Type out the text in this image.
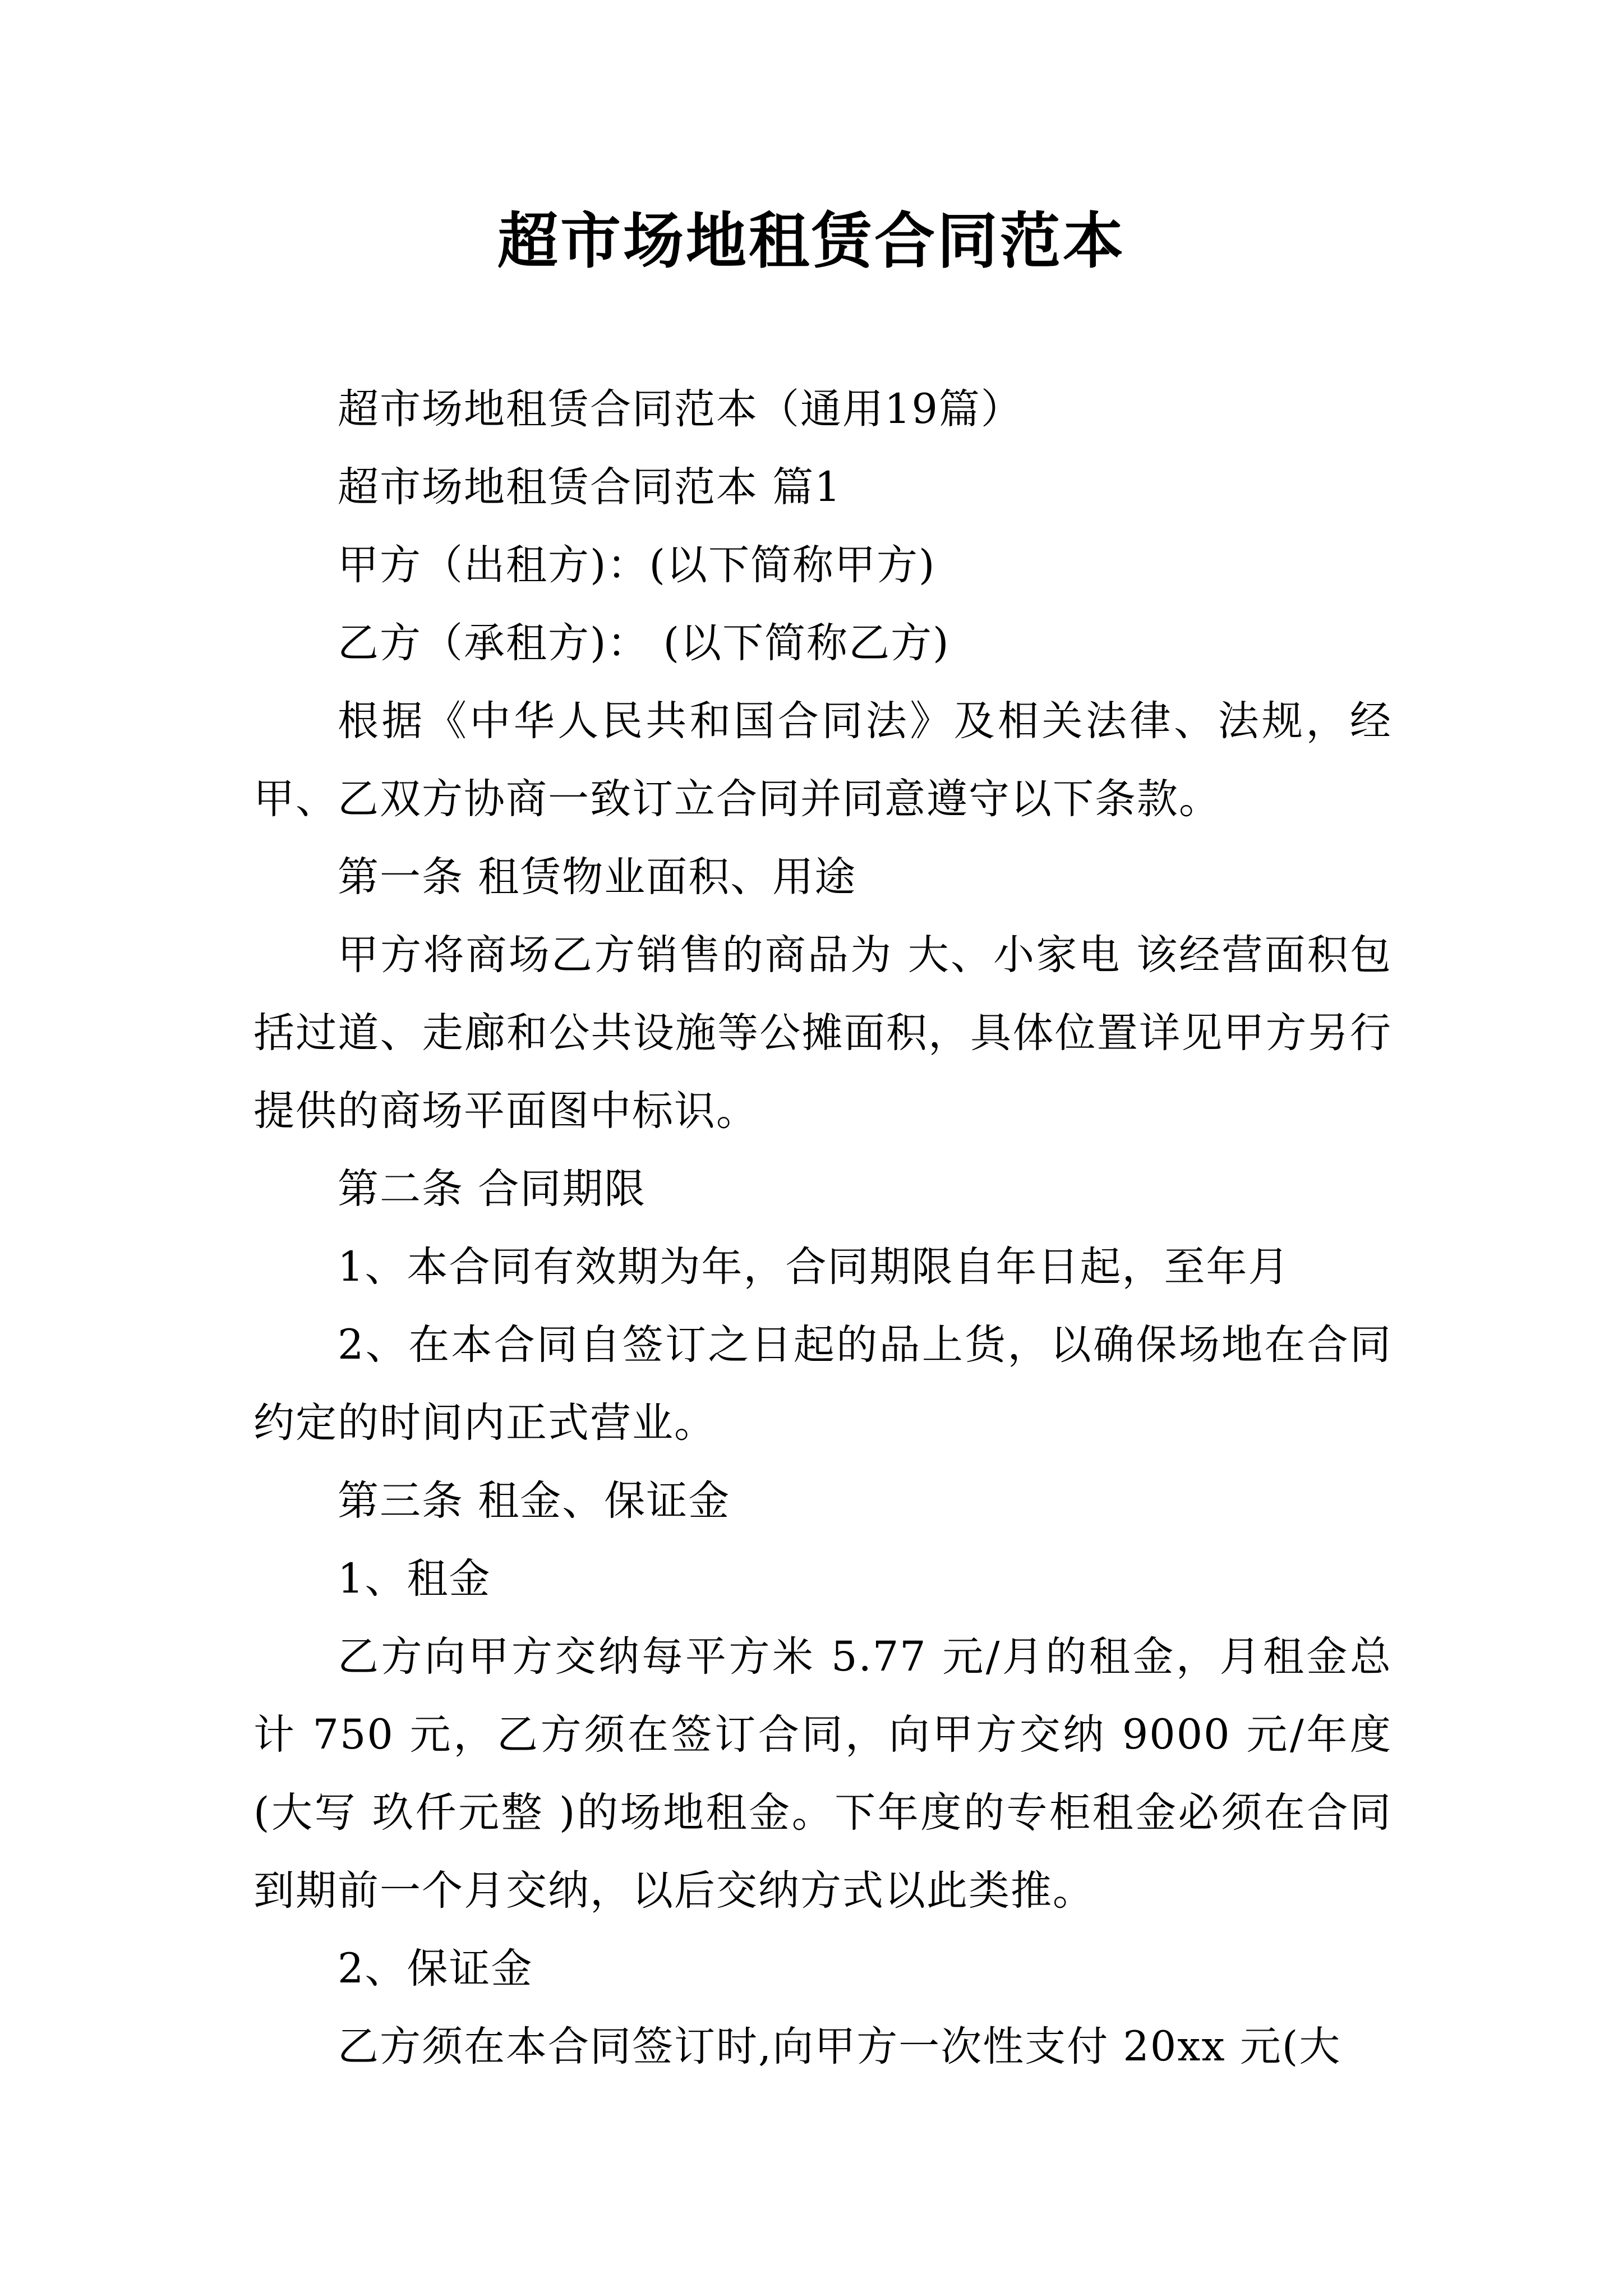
超市场地租赁合同范本

超市场地租赁合同范本（通用19篇）

超市场地租赁合同范本 篇1

甲方（出租方)：(以下简称甲方)

乙方（承租方)： (以下简称乙方)

根据《中华人民共和国合同法》及相关法律、法规，经甲、乙双方协商一致订立合同并同意遵守以下条款。

第一条 租赁物业面积、用途

甲方将商场乙方销售的商品为 大、小家电 该经营面积包括过道、走廊和公共设施等公摊面积，具体位置详见甲方另行提供的商场平面图中标识。

第二条 合同期限

1、本合同有效期为年，合同期限自年日起，至年月

2、在本合同自签订之日起的品上货，以确保场地在合同约定的时间内正式营业。

第三条 租金、保证金

1、租金

乙方向甲方交纳每平方米 5.77 元/月的租金，月租金总计 750 元，乙方须在签订合同，向甲方交纳 9000 元/年度(大写 玖仟元整 )的场地租金。下年度的专柜租金必须在合同到期前一个月交纳，以后交纳方式以此类推。

2、保证金

乙方须在本合同签订时,向甲方一次性支付 20xx 元(大
